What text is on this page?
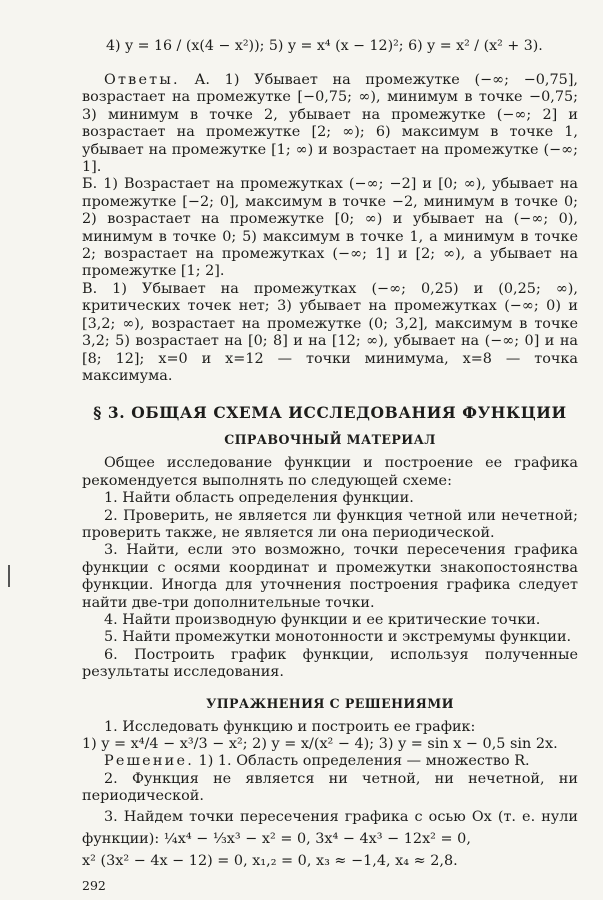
4) y = 16 / (x(4 − x²)); 5) y = x⁴ (x − 12)²; 6) y = x² / (x² + 3).

Ответы. А. 1) Убывает на промежутке (−∞; −0,75], возрастает на промежутке [−0,75; ∞), минимум в точке −0,75; 3) минимум в точке 2, убывает на промежутке (−∞; 2] и возрастает на промежутке [2; ∞); 6) максимум в точке 1, убывает на промежутке [1; ∞) и возрастает на промежутке (−∞; 1].

Б. 1) Возрастает на промежутках (−∞; −2] и [0; ∞), убывает на промежутке [−2; 0], максимум в точке −2, минимум в точке 0; 2) возрастает на промежутке [0; ∞) и убывает на (−∞; 0), минимум в точке 0; 5) максимум в точке 1, а минимум в точке 2; возрастает на промежутках (−∞; 1] и [2; ∞), а убывает на промежутке [1; 2].

В. 1) Убывает на промежутках (−∞; 0,25) и (0,25; ∞), критических точек нет; 3) убывает на промежутках (−∞; 0) и [3,2; ∞), возрастает на промежутке (0; 3,2], максимум в точке 3,2; 5) возрастает на [0; 8] и на [12; ∞), убывает на (−∞; 0] и на [8; 12]; x=0 и x=12 — точки минимума, x=8 — точка максимума.

§ 3. ОБЩАЯ СХЕМА ИССЛЕДОВАНИЯ ФУНКЦИИ
СПРАВОЧНЫЙ МАТЕРИАЛ

Общее исследование функции и построение ее графика рекомендуется выполнять по следующей схеме:

1. Найти область определения функции.

2. Проверить, не является ли функция четной или нечетной; проверить также, не является ли она периодической.

3. Найти, если это возможно, точки пересечения графика функции с осями координат и промежутки знакопостоянства функции. Иногда для уточнения построения графика следует найти две-три дополнительные точки.

4. Найти производную функции и ее критические точки.

5. Найти промежутки монотонности и экстремумы функции.

6. Построить график функции, используя полученные результаты исследования.

УПРАЖНЕНИЯ С РЕШЕНИЯМИ

1. Исследовать функцию и построить ее график:

1) y = x⁴/4 − x³/3 − x²; 2) y = x/(x² − 4); 3) y = sin x − 0,5 sin 2x.

Решение. 1) 1. Область определения — множество R.

2. Функция не является ни четной, ни нечетной, ни периодической.

3. Найдем точки пересечения графика с осью Ox (т. е. нули функции): ¼x⁴ − ⅓x³ − x² = 0, 3x⁴ − 4x³ − 12x² = 0,

x² (3x² − 4x − 12) = 0, x₁,₂ = 0, x₃ ≈ −1,4, x₄ ≈ 2,8.

292
